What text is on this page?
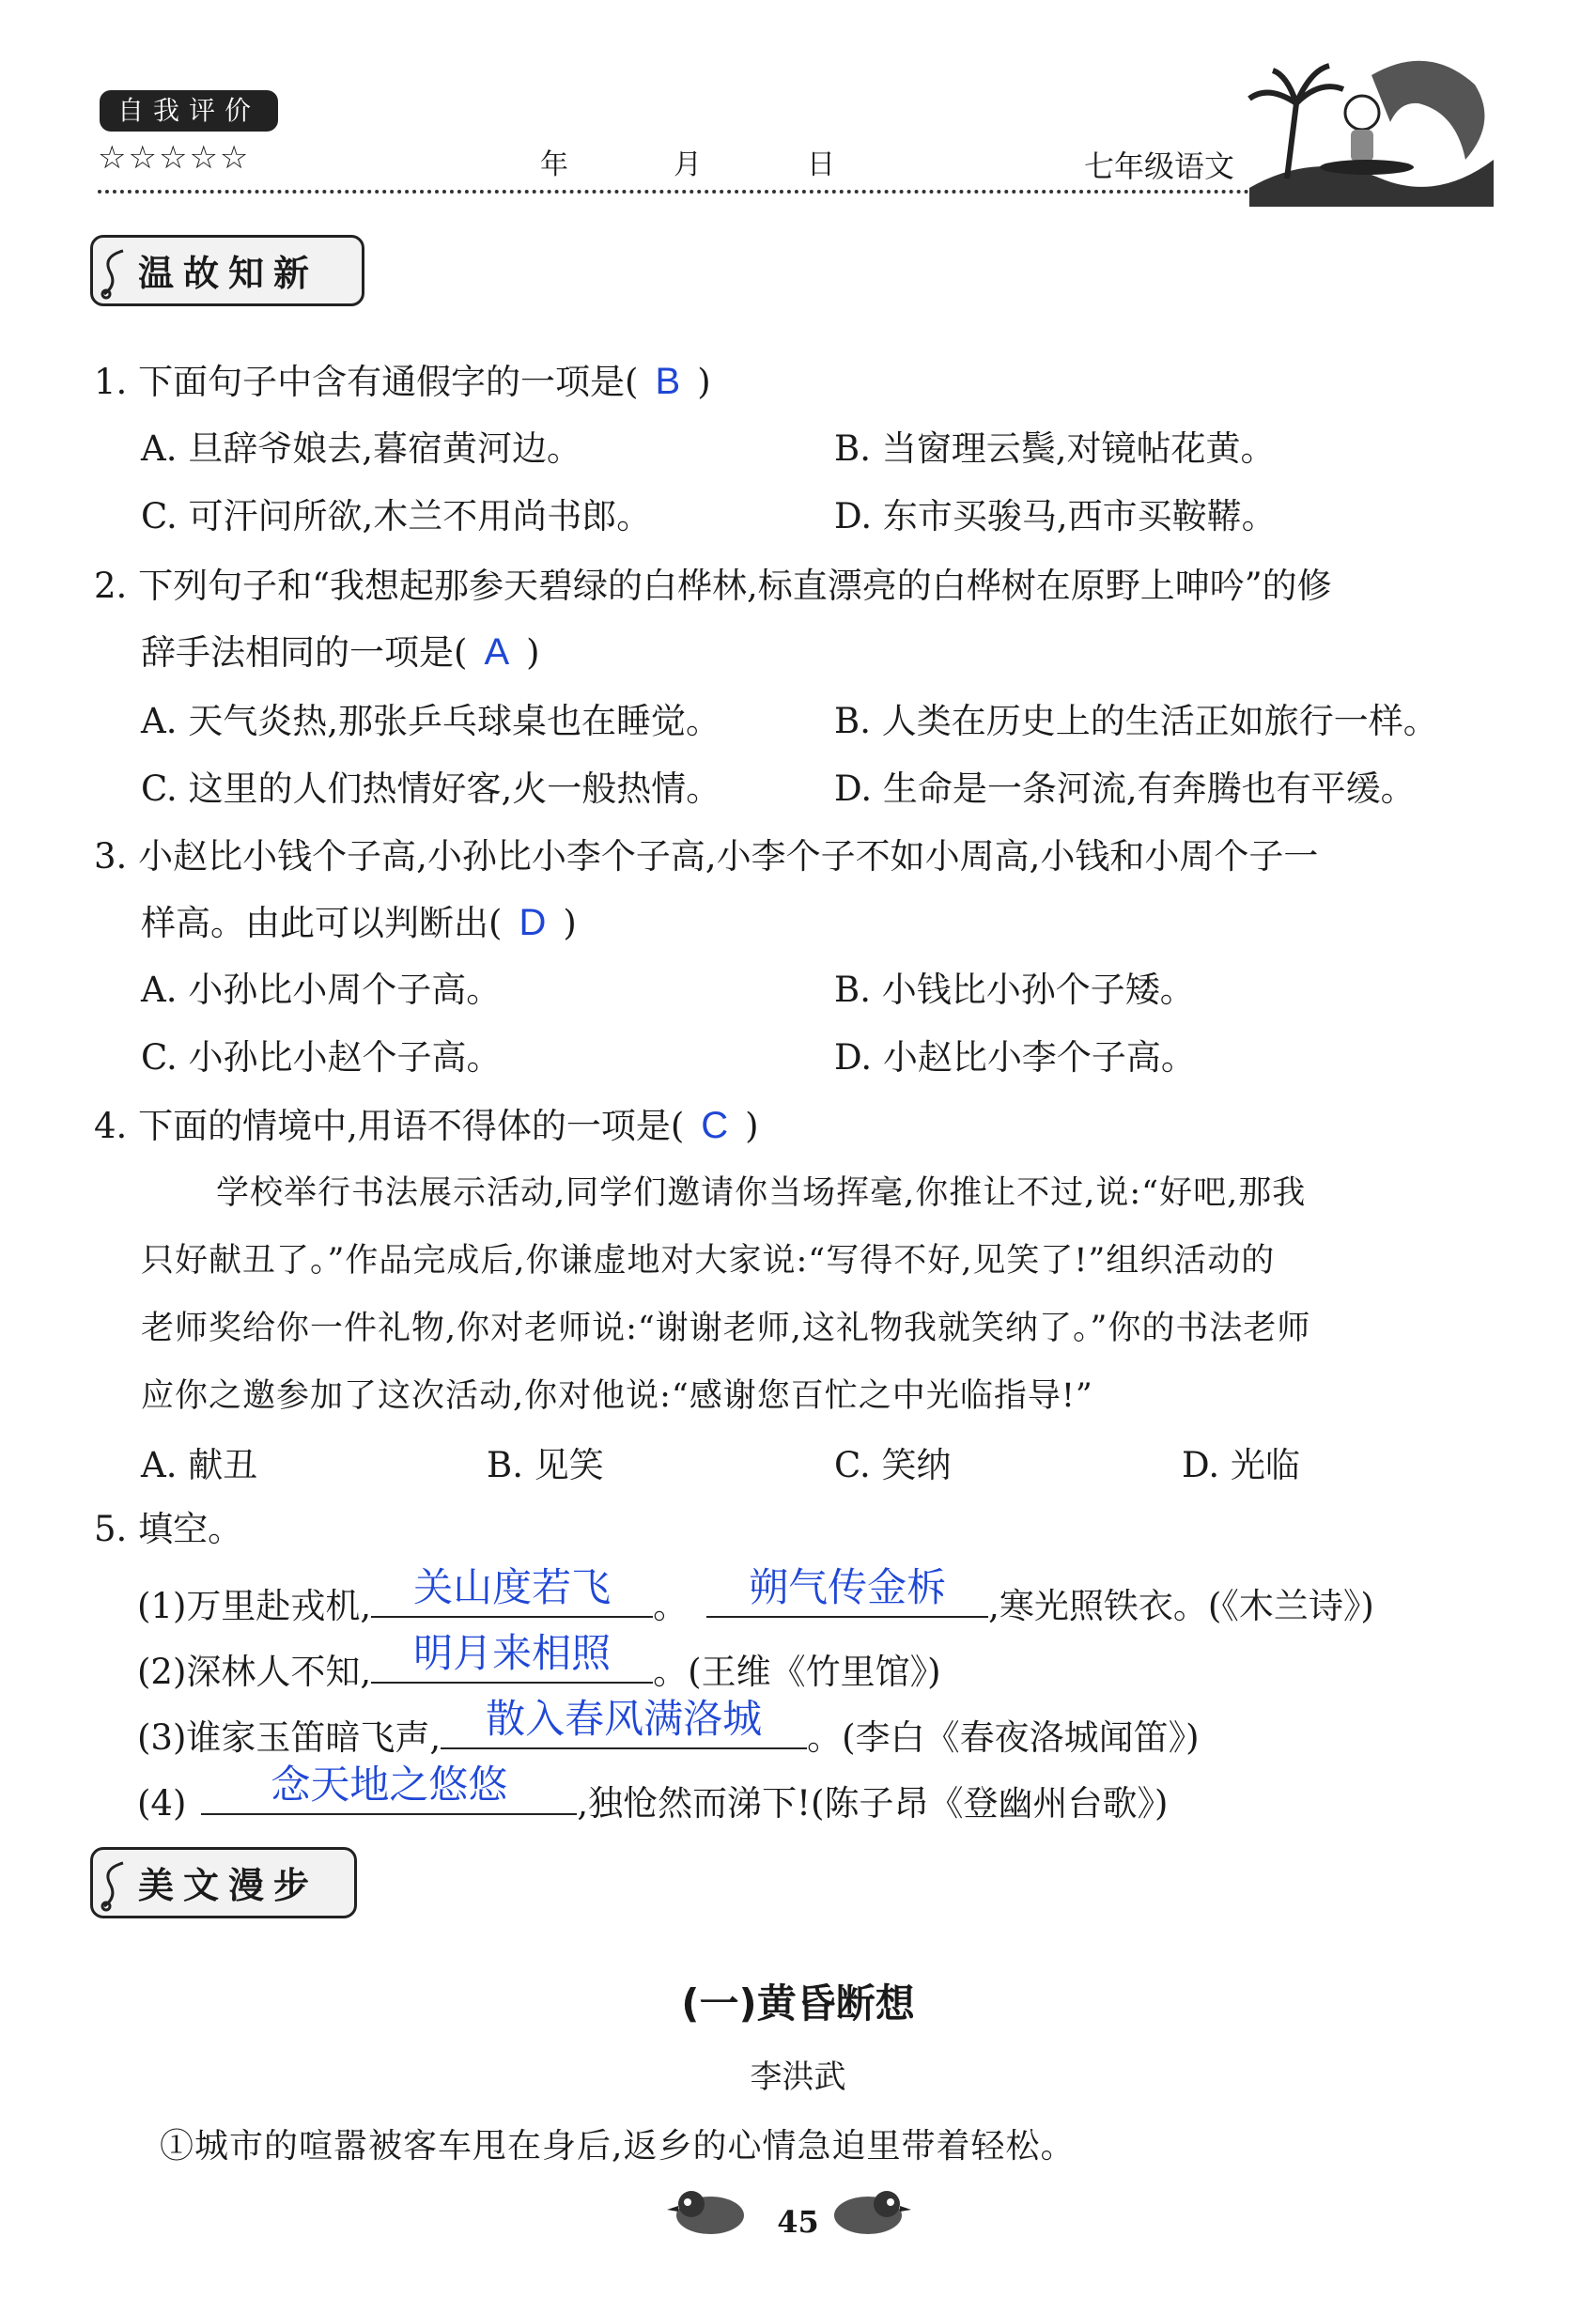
自我评价
☆☆☆☆☆	年	月	日	七年级语文
温故知新
1. 下面句子中含有通假字的一项是( B )
A. 旦辞爷娘去,暮宿黄河边。	B. 当窗理云鬓,对镜帖花黄。
C. 可汗问所欲,木兰不用尚书郎。	D. 东市买骏马,西市买鞍鞯。
2. 下列句子和“我想起那参天碧绿的白桦林,标直漂亮的白桦树在原野上呻吟”的修
辞手法相同的一项是( A )
A. 天气炎热,那张乒乓球桌也在睡觉。	B. 人类在历史上的生活正如旅行一样。
C. 这里的人们热情好客,火一般热情。	D. 生命是一条河流,有奔腾也有平缓。
3. 小赵比小钱个子高,小孙比小李个子高,小李个子不如小周高,小钱和小周个子一
样高。由此可以判断出( D )
A. 小孙比小周个子高。	B. 小钱比小孙个子矮。
C. 小孙比小赵个子高。	D. 小赵比小李个子高。
4. 下面的情境中,用语不得体的一项是( C )
学校举行书法展示活动,同学们邀请你当场挥毫,你推让不过,说:“好吧,那我
只好献丑了。”作品完成后,你谦虚地对大家说:“写得不好,见笑了!”组织活动的
老师奖给你一件礼物,你对老师说:“谢谢老师,这礼物我就笑纳了。”你的书法老师
应你之邀参加了这次活动,你对他说:“感谢您百忙之中光临指导!”
A. 献丑	B. 见笑	C. 笑纳	D. 光临
5. 填空。
(1)万里赴戎机,	关山度若飞	。	朔气传金柝	,寒光照铁衣。(《木兰诗》)
(2)深林人不知,	明月来相照	。(王维《竹里馆》)
(3)谁家玉笛暗飞声,	散入春风满洛城	。(李白《春夜洛城闻笛》)
(4)	念天地之悠悠	,独怆然而涕下!(陈子昂《登幽州台歌》)
美文漫步
(一)黄昏断想
李洪武
①城市的喧嚣被客车甩在身后,返乡的心情急迫里带着轻松。
45
